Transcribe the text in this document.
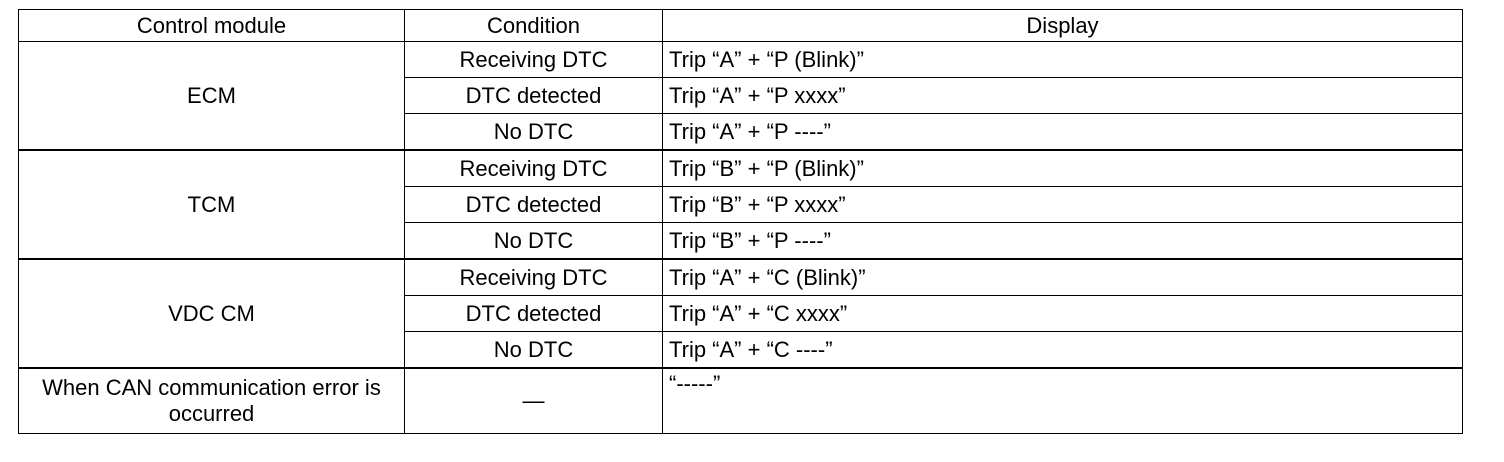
Control module	Condition	Display
ECM	Receiving DTC	Trip “A” + “P (Blink)”
	DTC detected	Trip “A” + “P xxxx”
	No DTC	Trip “A” + “P ----”
TCM	Receiving DTC	Trip “B” + “P (Blink)”
	DTC detected	Trip “B” + “P xxxx”
	No DTC	Trip “B” + “P ----”
VDC CM	Receiving DTC	Trip “A” + “C (Blink)”
	DTC detected	Trip “A” + “C xxxx”
	No DTC	Trip “A” + “C ----”
When CAN communication error is occurred	—	“-----”
